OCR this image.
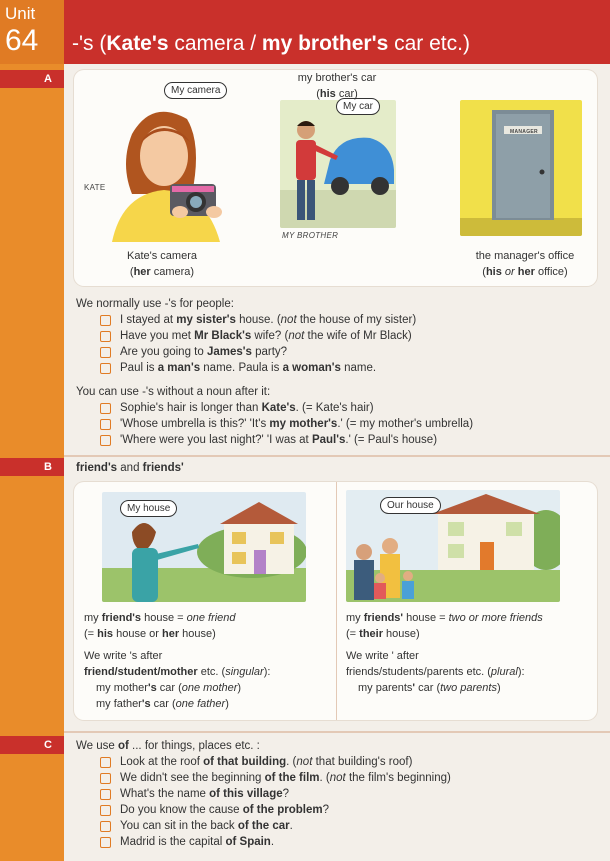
Unit
64 -'s (Kate's camera / my brother's car etc.)
A
My camera
KATE
My car
MY BROTHER
MANAGER
Kate's camera
(her camera)
my brother's car
(his car)
the manager's office
(his or her office)
We normally use -'s for people:
I stayed at my sister's house. (not the house of my sister)
Have you met Mr Black's wife? (not the wife of Mr Black)
Are you going to James's party?
Paul is a man's name. Paula is a woman's name.
You can use -'s without a noun after it:
Sophie's hair is longer than Kate's. (= Kate's hair)
'Whose umbrella is this?' 'It's my mother's.' (= my mother's umbrella)
'Where were you last night?' 'I was at Paul's.' (= Paul's house)
B	friend's and friends'
My house	Our house
my friend's house = one friend
(= his house or her house)
We write 's after
friend/student/mother etc. (singular):
my mother's car (one mother)
my father's car (one father)
my friends' house = two or more friends
(= their house)
We write ' after
friends/students/parents etc. (plural):
my parents' car (two parents)
C	We use of ... for things, places etc. :
Look at the roof of that building. (not that building's roof)
We didn't see the beginning of the film. (not the film's beginning)
What's the name of this village?
Do you know the cause of the problem?
You can sit in the back of the car.
Madrid is the capital of Spain.
